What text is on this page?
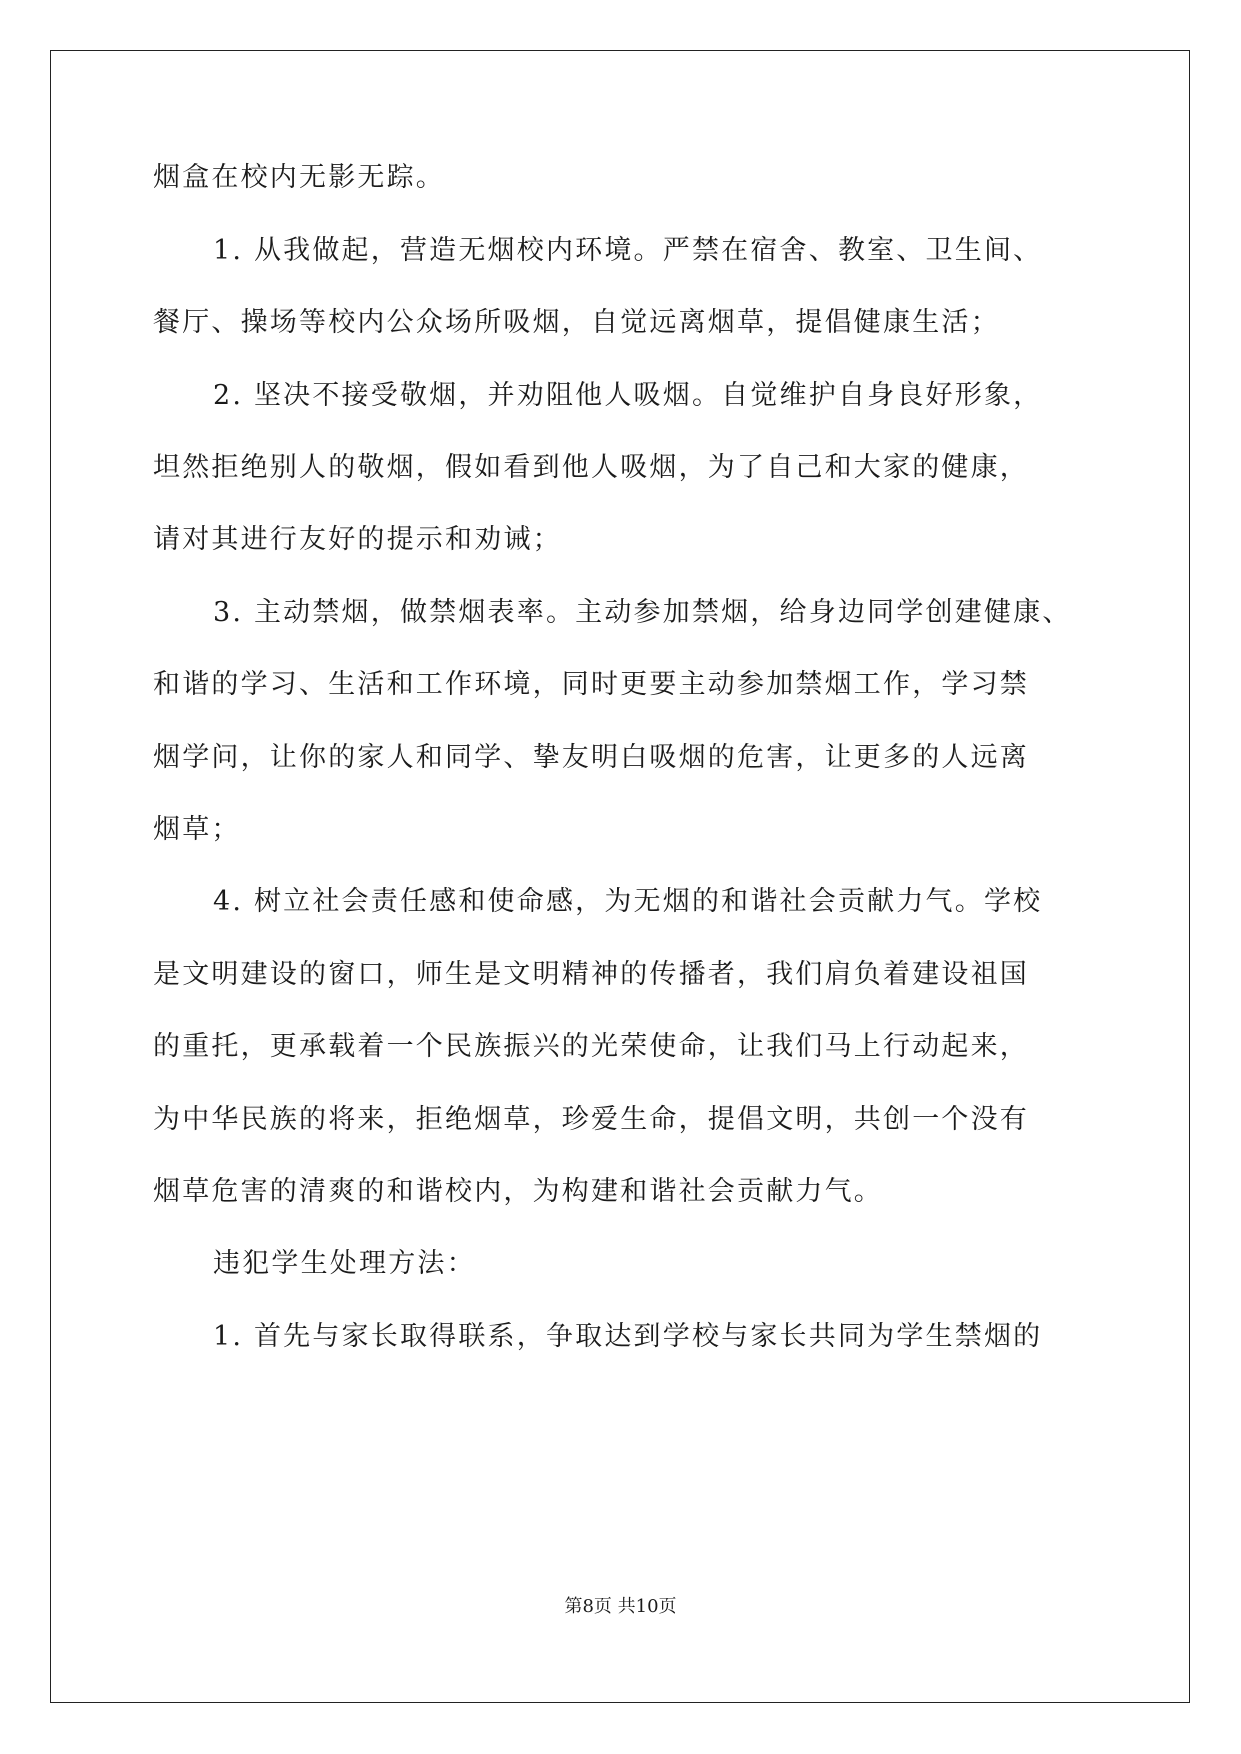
烟盒在校内无影无踪。
1. 从我做起，营造无烟校内环境。严禁在宿舍、教室、卫生间、
餐厅、操场等校内公众场所吸烟，自觉远离烟草，提倡健康生活；
2. 坚决不接受敬烟，并劝阻他人吸烟。自觉维护自身良好形象，
坦然拒绝别人的敬烟，假如看到他人吸烟，为了自己和大家的健康，
请对其进行友好的提示和劝诫；
3. 主动禁烟，做禁烟表率。主动参加禁烟，给身边同学创建健康、
和谐的学习、生活和工作环境，同时更要主动参加禁烟工作，学习禁
烟学问，让你的家人和同学、挚友明白吸烟的危害，让更多的人远离
烟草；
4. 树立社会责任感和使命感，为无烟的和谐社会贡献力气。学校
是文明建设的窗口，师生是文明精神的传播者，我们肩负着建设祖国
的重托，更承载着一个民族振兴的光荣使命，让我们马上行动起来，
为中华民族的将来，拒绝烟草，珍爱生命，提倡文明，共创一个没有
烟草危害的清爽的和谐校内，为构建和谐社会贡献力气。
违犯学生处理方法：
1. 首先与家长取得联系，争取达到学校与家长共同为学生禁烟的
第8页 共10页
